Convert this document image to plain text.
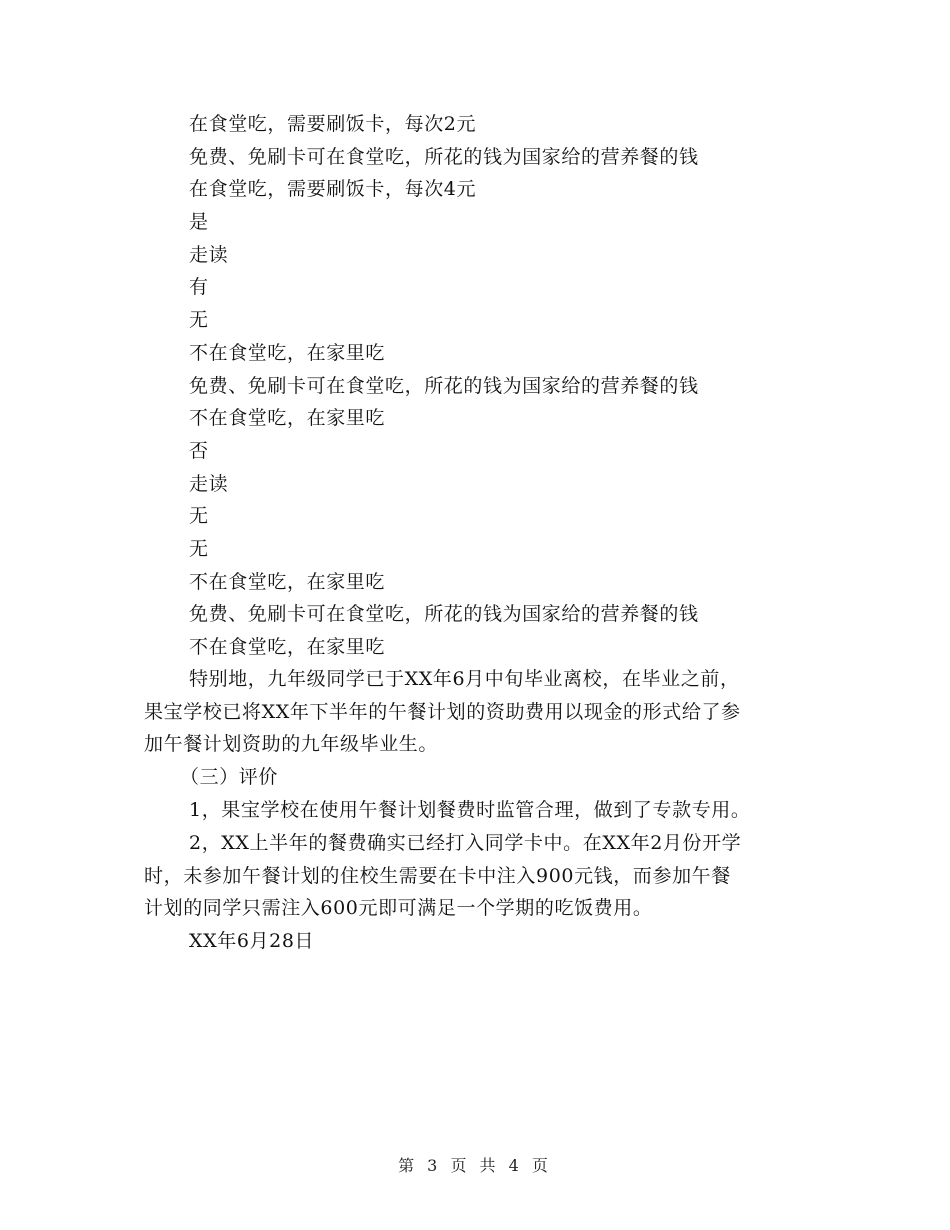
在食堂吃，需要刷饭卡，每次2元
免费、免刷卡可在食堂吃，所花的钱为国家给的营养餐的钱
在食堂吃，需要刷饭卡，每次4元
是
走读
有
无
不在食堂吃，在家里吃
免费、免刷卡可在食堂吃，所花的钱为国家给的营养餐的钱
不在食堂吃，在家里吃
否
走读
无
无
不在食堂吃，在家里吃
免费、免刷卡可在食堂吃，所花的钱为国家给的营养餐的钱
不在食堂吃，在家里吃
特别地，九年级同学已于XX年6月中旬毕业离校，在毕业之前，
果宝学校已将XX年下半年的午餐计划的资助费用以现金的形式给了参
加午餐计划资助的九年级毕业生。
（三）评价
1，果宝学校在使用午餐计划餐费时监管合理，做到了专款专用。
2，XX上半年的餐费确实已经打入同学卡中。在XX年2月份开学
时，未参加午餐计划的住校生需要在卡中注入900元钱，而参加午餐
计划的同学只需注入600元即可满足一个学期的吃饭费用。
XX年6月28日
第 3 页 共 4 页
